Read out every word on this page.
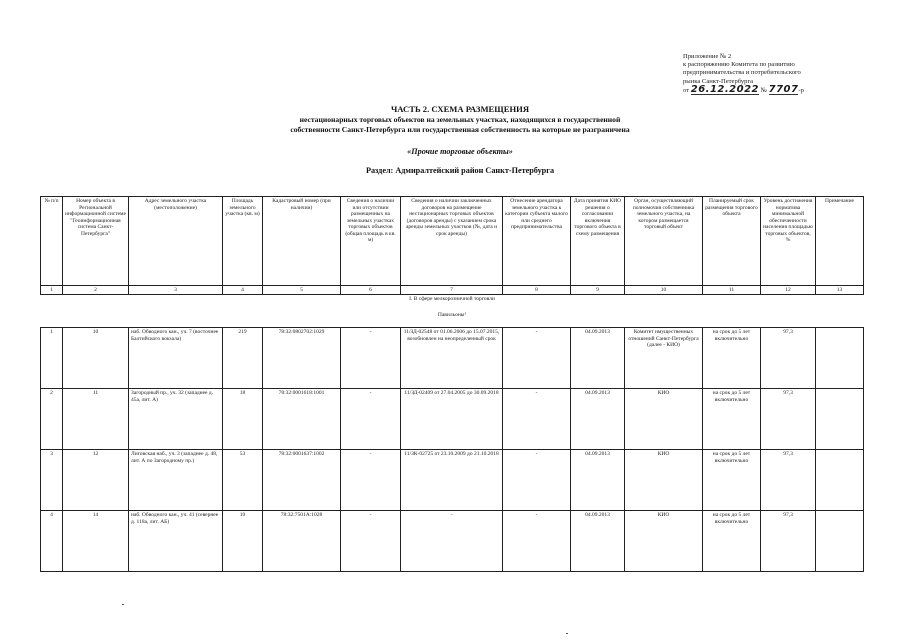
Приложение № 2
к распоряжению Комитета по развитию
предпринимательства и потребительского
рынка Санкт-Петербурга
от 26.12.2022 № 7707-р
ЧАСТЬ 2. СХЕМА РАЗМЕЩЕНИЯ
нестационарных торговых объектов на земельных участках, находящихся в государственной
собственности Санкт-Петербурга или государственная собственность на которые не разграничена
«Прочие торговые объекты»
Раздел: Адмиралтейский район Санкт-Петербурга
№ п/п	Номер объекта в Региональной информационной системе "Геоинформационная система Санкт-Петербурга"	Адрес земельного участка (местоположение)	Площадь земельного участка (кв. м)	Кадастровый номер (при наличии)	Сведения о наличии или отсутствии размещенных на земельных участках торговых объектов (общая площадь в кв. м)	Сведения о наличии заключенных договоров на размещение нестационарных торговых объектов (договоров аренды) с указанием срока аренды земельных участков (№, дата и срок аренды)	Отнесение арендатора земельного участка к категории субъекта малого или среднего предпринимательства	Дата принятия КИО решения о согласовании включения торгового объекта в схему размещения	Орган, осуществляющий полномочия собственника земельного участка, на котором размещается торговый объект	Планируемый срок размещения торгового объекта	Уровень достижения норматива минимальной обеспеченности населения площадью торговых объектов, %	Примечание
1	2	3	4	5	6	7	8	9	10	11	12	13
I. В сфере мелкорозничной торговли												
Павильоны¹												
1	10	наб. Обводного кан., уч. 7 (восточнее Балтийского вокзала)	219	78:32:0802702:1029	-	11/ЗД-02548 от 01.06.2006 до 15.07.2015, возобновлен на неопределенный срок	-	04.09.2013	Комитет имущественных отношений Санкт-Петербурга (далее - КИО)	на срок до 5 лет включительно	97,3	
2	11	Загородный пр., уч. 32 (западнее д. 45а, лит. А)	18	78:32:0001618:1001	-	11/ЗД-02409 от 27.04.2005 до 30.09.2018	-	04.09.2013	КИО	на срок до 5 лет включительно	97,3	
3	12	Лиговская наб., уч. 3 (западнее д. 48, лит. А по Загородному пр.)	53	78:32:0001637:1002	-	11/ЗК-02725 от 23.10.2009 до 21.10.2018	-	04.09.2013	КИО	на срок до 5 лет включительно	97,3	
4	14	наб. Обводного кан., уч. 41 (севернее д. 118а, лит. АБ)	10	78:32:7501А:1028	-	-	-	04.09.2013	КИО	на срок до 5 лет включительно	97,3	
